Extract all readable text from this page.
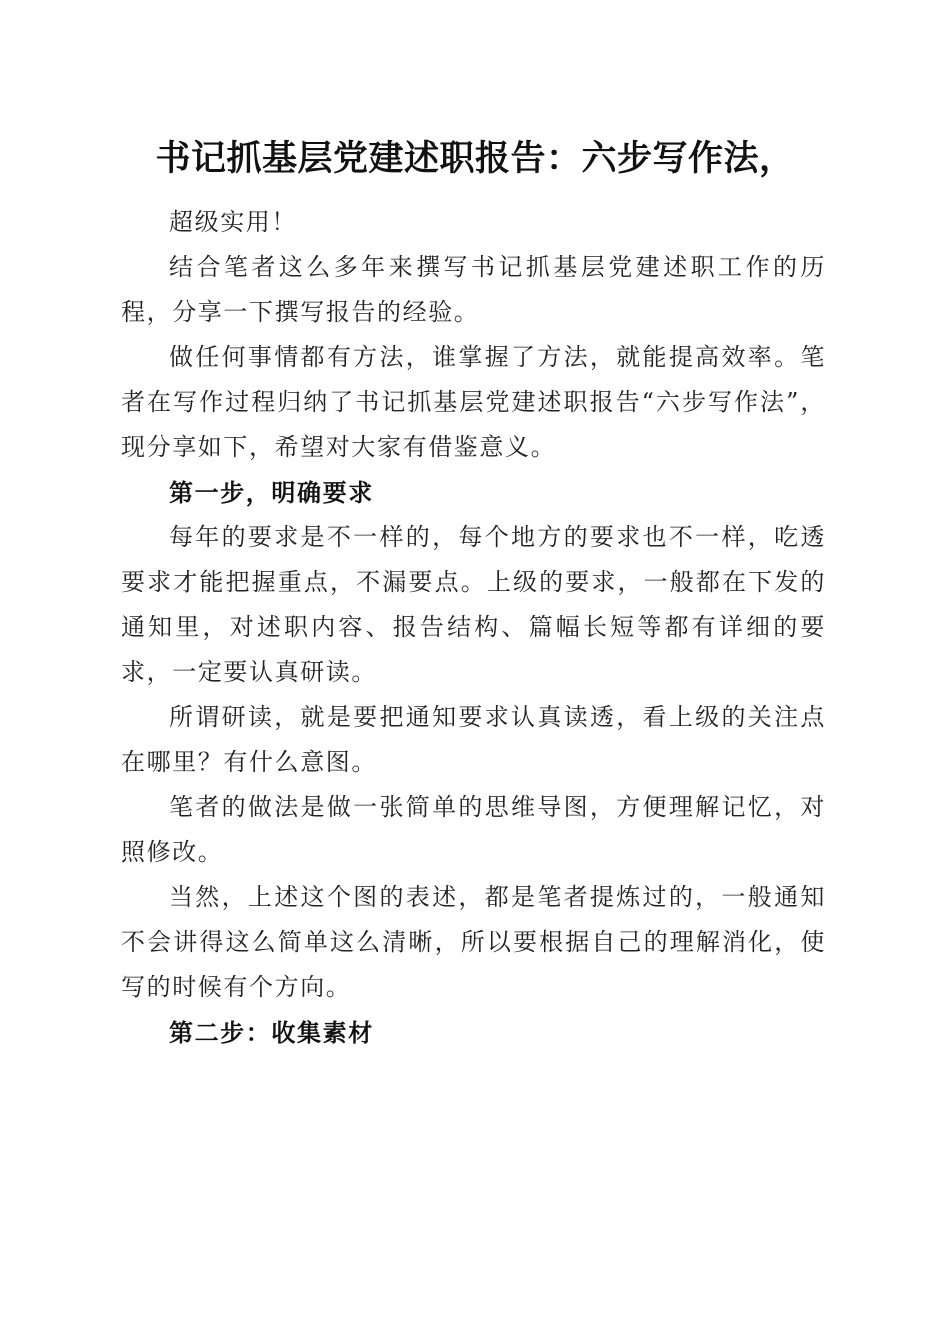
书记抓基层党建述职报告：六步写作法，

超级实用！

结合笔者这么多年来撰写书记抓基层党建述职工作的历程，分享一下撰写报告的经验。

做任何事情都有方法，谁掌握了方法，就能提高效率。笔者在写作过程归纳了书记抓基层党建述职报告“六步写作法”，现分享如下，希望对大家有借鉴意义。

第一步，明确要求

每年的要求是不一样的，每个地方的要求也不一样，吃透要求才能把握重点，不漏要点。上级的要求，一般都在下发的通知里，对述职内容、报告结构、篇幅长短等都有详细的要求，一定要认真研读。

所谓研读，就是要把通知要求认真读透，看上级的关注点在哪里？有什么意图。

笔者的做法是做一张简单的思维导图，方便理解记忆，对照修改。

当然，上述这个图的表述，都是笔者提炼过的，一般通知不会讲得这么简单这么清晰，所以要根据自己的理解消化，使写的时候有个方向。

第二步：收集素材
